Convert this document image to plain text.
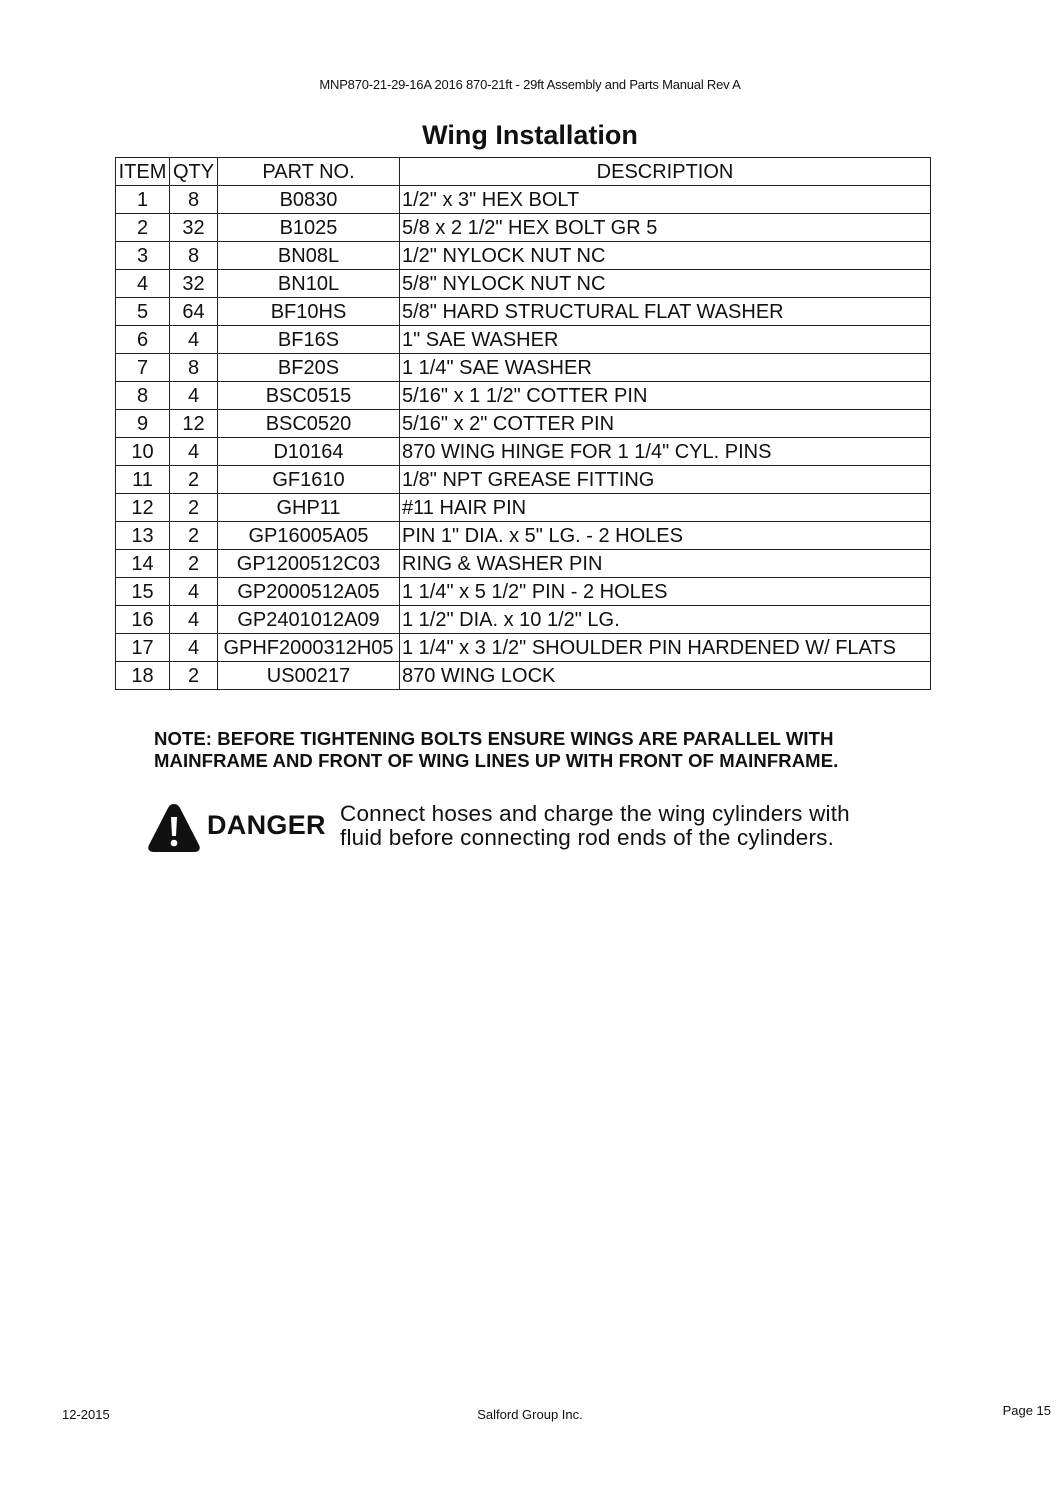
MNP870-21-29-16A 2016 870-21ft - 29ft Assembly and Parts Manual Rev A
Wing Installation
ITEM	QTY	PART NO.	DESCRIPTION
1	8	B0830	1/2" x 3" HEX BOLT
2	32	B1025	5/8 x 2 1/2" HEX BOLT GR 5
3	8	BN08L	1/2" NYLOCK NUT NC
4	32	BN10L	5/8" NYLOCK NUT NC
5	64	BF10HS	5/8" HARD STRUCTURAL FLAT WASHER
6	4	BF16S	1" SAE WASHER
7	8	BF20S	1 1/4" SAE WASHER
8	4	BSC0515	5/16" x 1 1/2" COTTER PIN
9	12	BSC0520	5/16" x 2" COTTER PIN
10	4	D10164	870 WING HINGE FOR 1 1/4" CYL. PINS
11	2	GF1610	1/8" NPT GREASE FITTING
12	2	GHP11	#11 HAIR PIN
13	2	GP16005A05	PIN 1" DIA. x 5" LG. - 2 HOLES
14	2	GP1200512C03	RING & WASHER PIN
15	4	GP2000512A05	1 1/4" x 5 1/2" PIN - 2 HOLES
16	4	GP2401012A09	1 1/2" DIA. x 10 1/2" LG.
17	4	GPHF2000312H05	1 1/4" x 3 1/2" SHOULDER PIN HARDENED W/ FLATS
18	2	US00217	870 WING LOCK
NOTE: BEFORE TIGHTENING BOLTS ENSURE WINGS ARE PARALLEL WITH
MAINFRAME AND FRONT OF WING LINES UP WITH FRONT OF MAINFRAME.
DANGER Connect hoses and charge the wing cylinders with
fluid before connecting rod ends of the cylinders.
12-2015	Salford Group Inc.	Page 15
